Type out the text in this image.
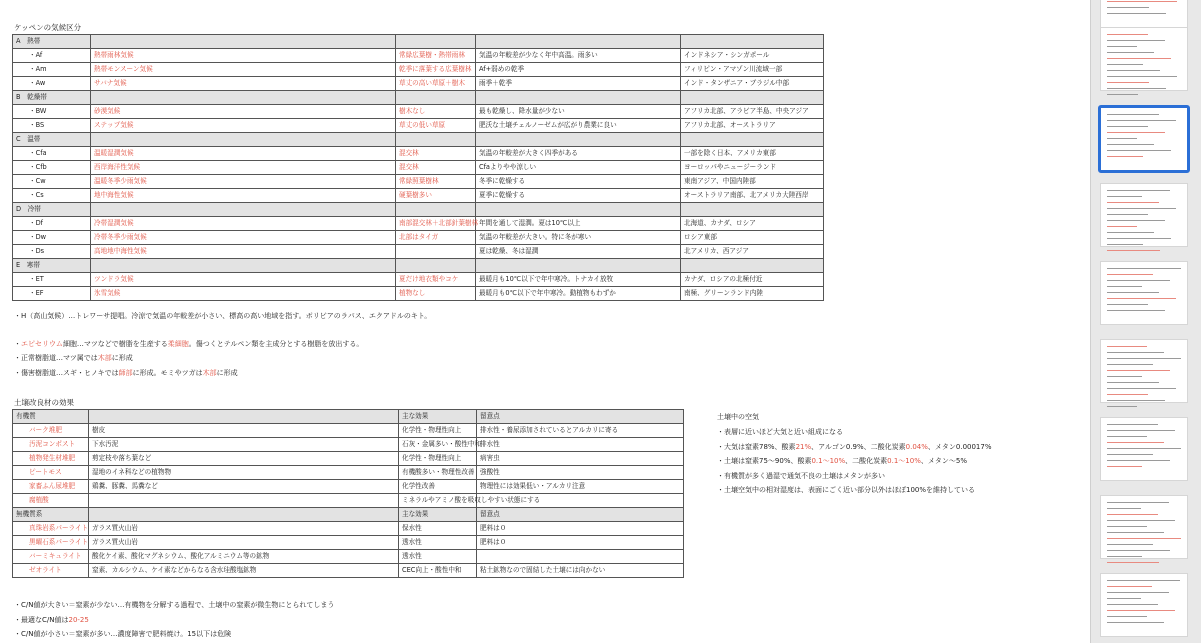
ケッペンの気候区分
A　熱帯				
・Af	熱帯雨林気候	常緑広葉樹・熱帯雨林	気温の年較差が少なく年中高温。雨多い	インドネシア・シンガポール
・Am	熱帯モンスーン気候	乾季に落葉する広葉樹林	Af+弱めの乾季	フィリピン・アマゾン川流域一部
・Aw	サバナ気候	草丈の高い草原＋樹木	雨季＋乾季	インド・タンザニア・ブラジル中部
B　乾燥帯				
・BW	砂漠気候	樹木なし	最も乾燥し、降水量が少ない	アフリカ北部、アラビア半島、中央アジア
・BS	ステップ気候	草丈の低い草原	肥沃な土壌チェルノーゼムが広がり農業に良い	アフリカ北部、オーストラリア
C　温帯				
・Cfa	温暖湿潤気候	混交林	気温の年較差が大きく四季がある	一部を除く日本、アメリカ東部
・Cfb	西岸海洋性気候	混交林	Cfaよりやや涼しい	ヨーロッパやニュージーランド
・Cw	温暖冬季少雨気候	常緑照葉樹林	冬季に乾燥する	東南アジア、中国内陸部
・Cs	地中海性気候	硬葉樹多い	夏季に乾燥する	オーストラリア南部、北アメリカ大陸西岸
D　冷帯				
・Df	冷帯湿潤気候	南部混交林＋北部針葉樹林	年間を通して湿潤。夏は10℃以上	北海道、カナダ、ロシア
・Dw	冷帯冬季少雨気候	北部はタイガ	気温の年較差が大きい。特に冬が寒い	ロシア東部
・Ds	高地地中海性気候		夏は乾燥、冬は湿潤	北アメリカ、西アジア
E　寒帯				
・ET	ツンドラ気候	夏だけ地衣類やコケ	最暖月も10℃以下で年中寒冷。トナカイ放牧	カナダ、ロシアの北極付近
・EF	氷雪気候	植物なし	最暖月も0℃以下で年中寒冷。動植物もわずか	南極、グリーンランド内陸
・H（高山気候）…トレワーサ提唱。冷涼で気温の年較差が小さい、標高の高い地域を指す。ボリビアのラパス、エクアドルのキト。
・エピセリウム細胞…マツなどで樹脂を生産する柔細胞。傷つくとテルペン類を主成分とする樹脂を放出する。
・正常樹脂道…マツ属では木部に形成
・傷害樹脂道…スギ・ヒノキでは師部に形成。モミやツガは木部に形成
土壌改良材の効果
有機質		主な効果	留意点
バーク堆肥	樹皮	化学性・物理性向上	排水性・養尿添加されているとアルカリに寄る
汚泥コンポスト	下水汚泥	石灰・金属多い・酸性中和	排水性
植物発生材堆肥	剪定枝や落ち葉など	化学性・物理性向上	病害虫
ピートモス	湿地のイネ科などの植物物	有機酸多い・物理性改善	強酸性
家畜ふん尿堆肥	鶏糞、豚糞、馬糞など	化学性改善	物理性には効果低い・アルカリ注意
腐植酸		ミネラルやアミノ酸を吸収しやすい状態にする	
無機質系		主な効果	留意点
真珠岩系パーライト	ガラス質火山岩	保水性	肥料は０
黒曜石系パーライト	ガラス質火山岩	透水性	肥料は０
バーミキュライト	酸化ケイ素、酸化マグネシウム、酸化アルミニウム等の鉱物	透水性	
ゼオライト	窒素、カルシウム、ケイ素などからなる含水珪酸塩鉱物	CEC向上・酸性中和	粘土鉱物なので固結した土壌には向かない
土壌中の空気
・表層に近いほど大気と近い組成になる
・大気は窒素78%、酸素21%、アルゴン0.9%、二酸化炭素0.04%、メタン0.00017%
・土壌は窒素75〜90%、酸素0.1〜10%、二酸化炭素0.1〜10%、メタン〜5%
・有機質が多く過湿で通気不良の土壌はメタンが多い
・土壌空気中の相対湿度は、表面にごく近い部分以外はほぼ100%を維持している
・C/N値が大きい＝窒素が少ない…有機物を分解する過程で、土壌中の窒素が微生物にとられてしまう
・最適なC/N値は20-25
・C/N値が小さい＝窒素が多い…濃度障害で肥料焼け。15以下は危険
